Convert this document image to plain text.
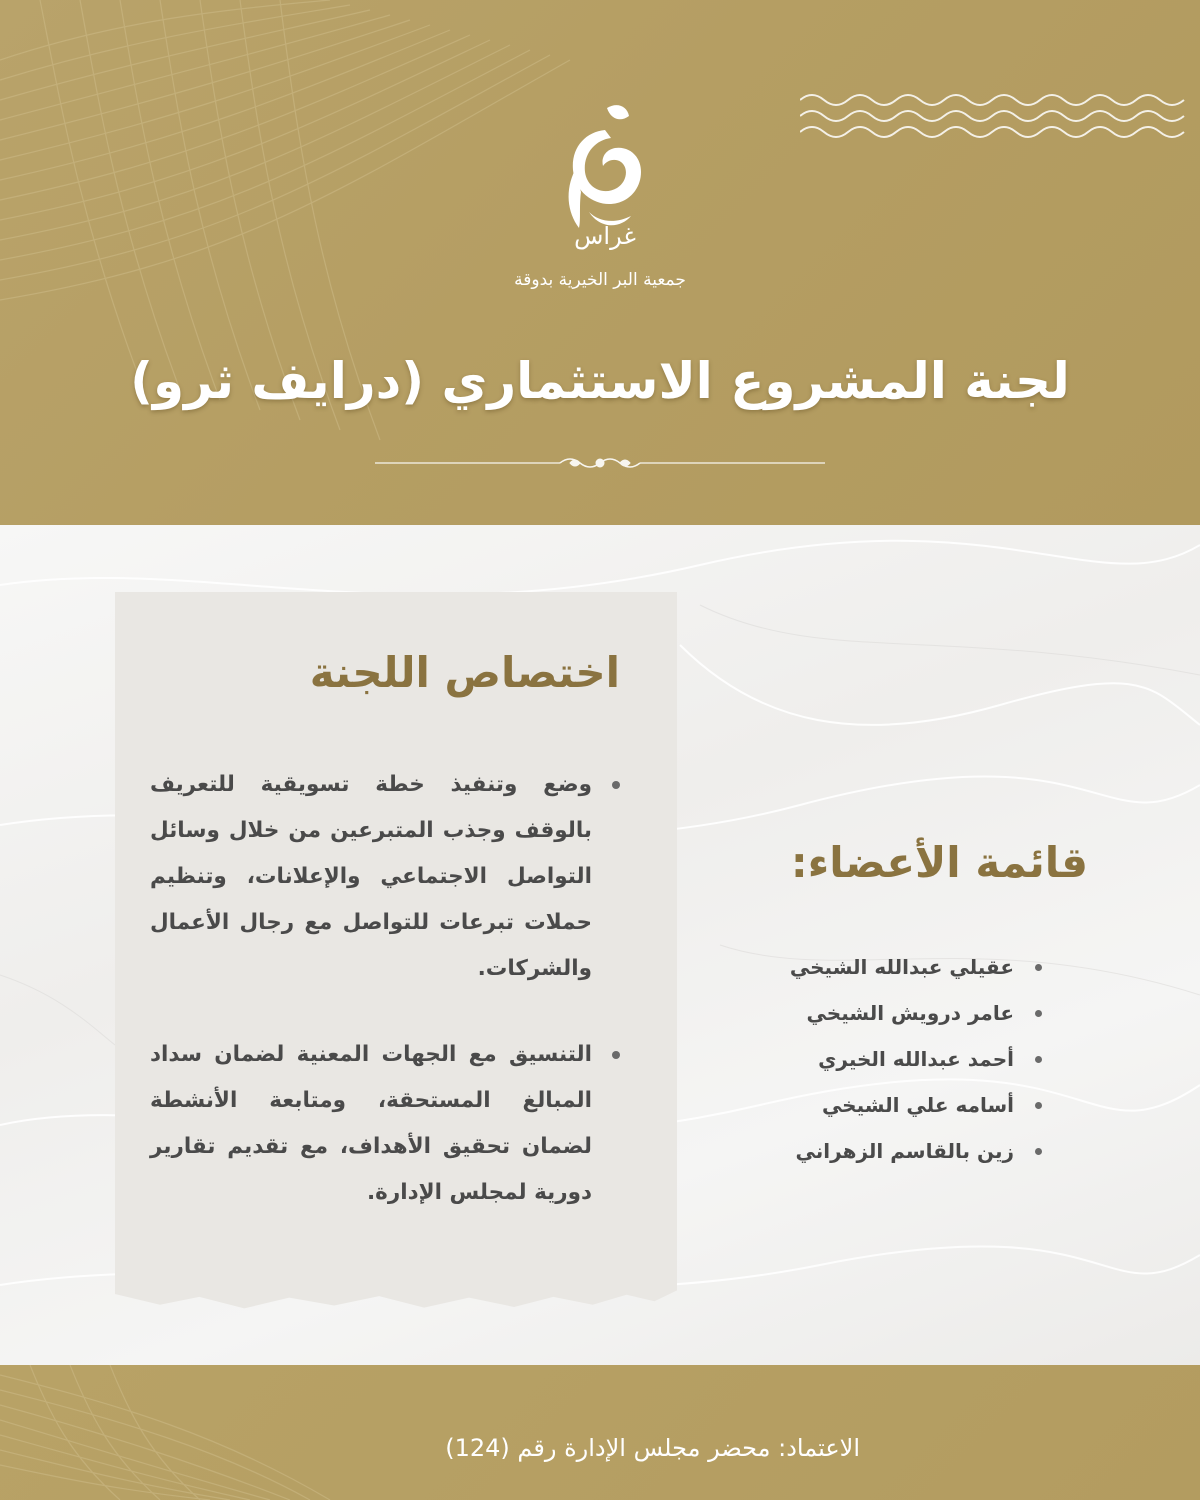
غراس
جمعية البر الخيرية بدوقة
لجنة المشروع الاستثماري (درايف ثرو)
اختصاص اللجنة
وضع وتنفيذ خطة تسويقية للتعريف بالوقف وجذب المتبرعين من خلال وسائل التواصل الاجتماعي والإعلانات، وتنظيم حملات تبرعات للتواصل مع رجال الأعمال والشركات.
التنسيق مع الجهات المعنية لضمان سداد المبالغ المستحقة، ومتابعة الأنشطة لضمان تحقيق الأهداف، مع تقديم تقارير دورية لمجلس الإدارة.
قائمة الأعضاء:
عقيلي عبدالله الشيخي
عامر درويش الشيخي
أحمد عبدالله الخيري
أسامه علي الشيخي
زين بالقاسم الزهراني
الاعتماد: محضر مجلس الإدارة رقم (124)
